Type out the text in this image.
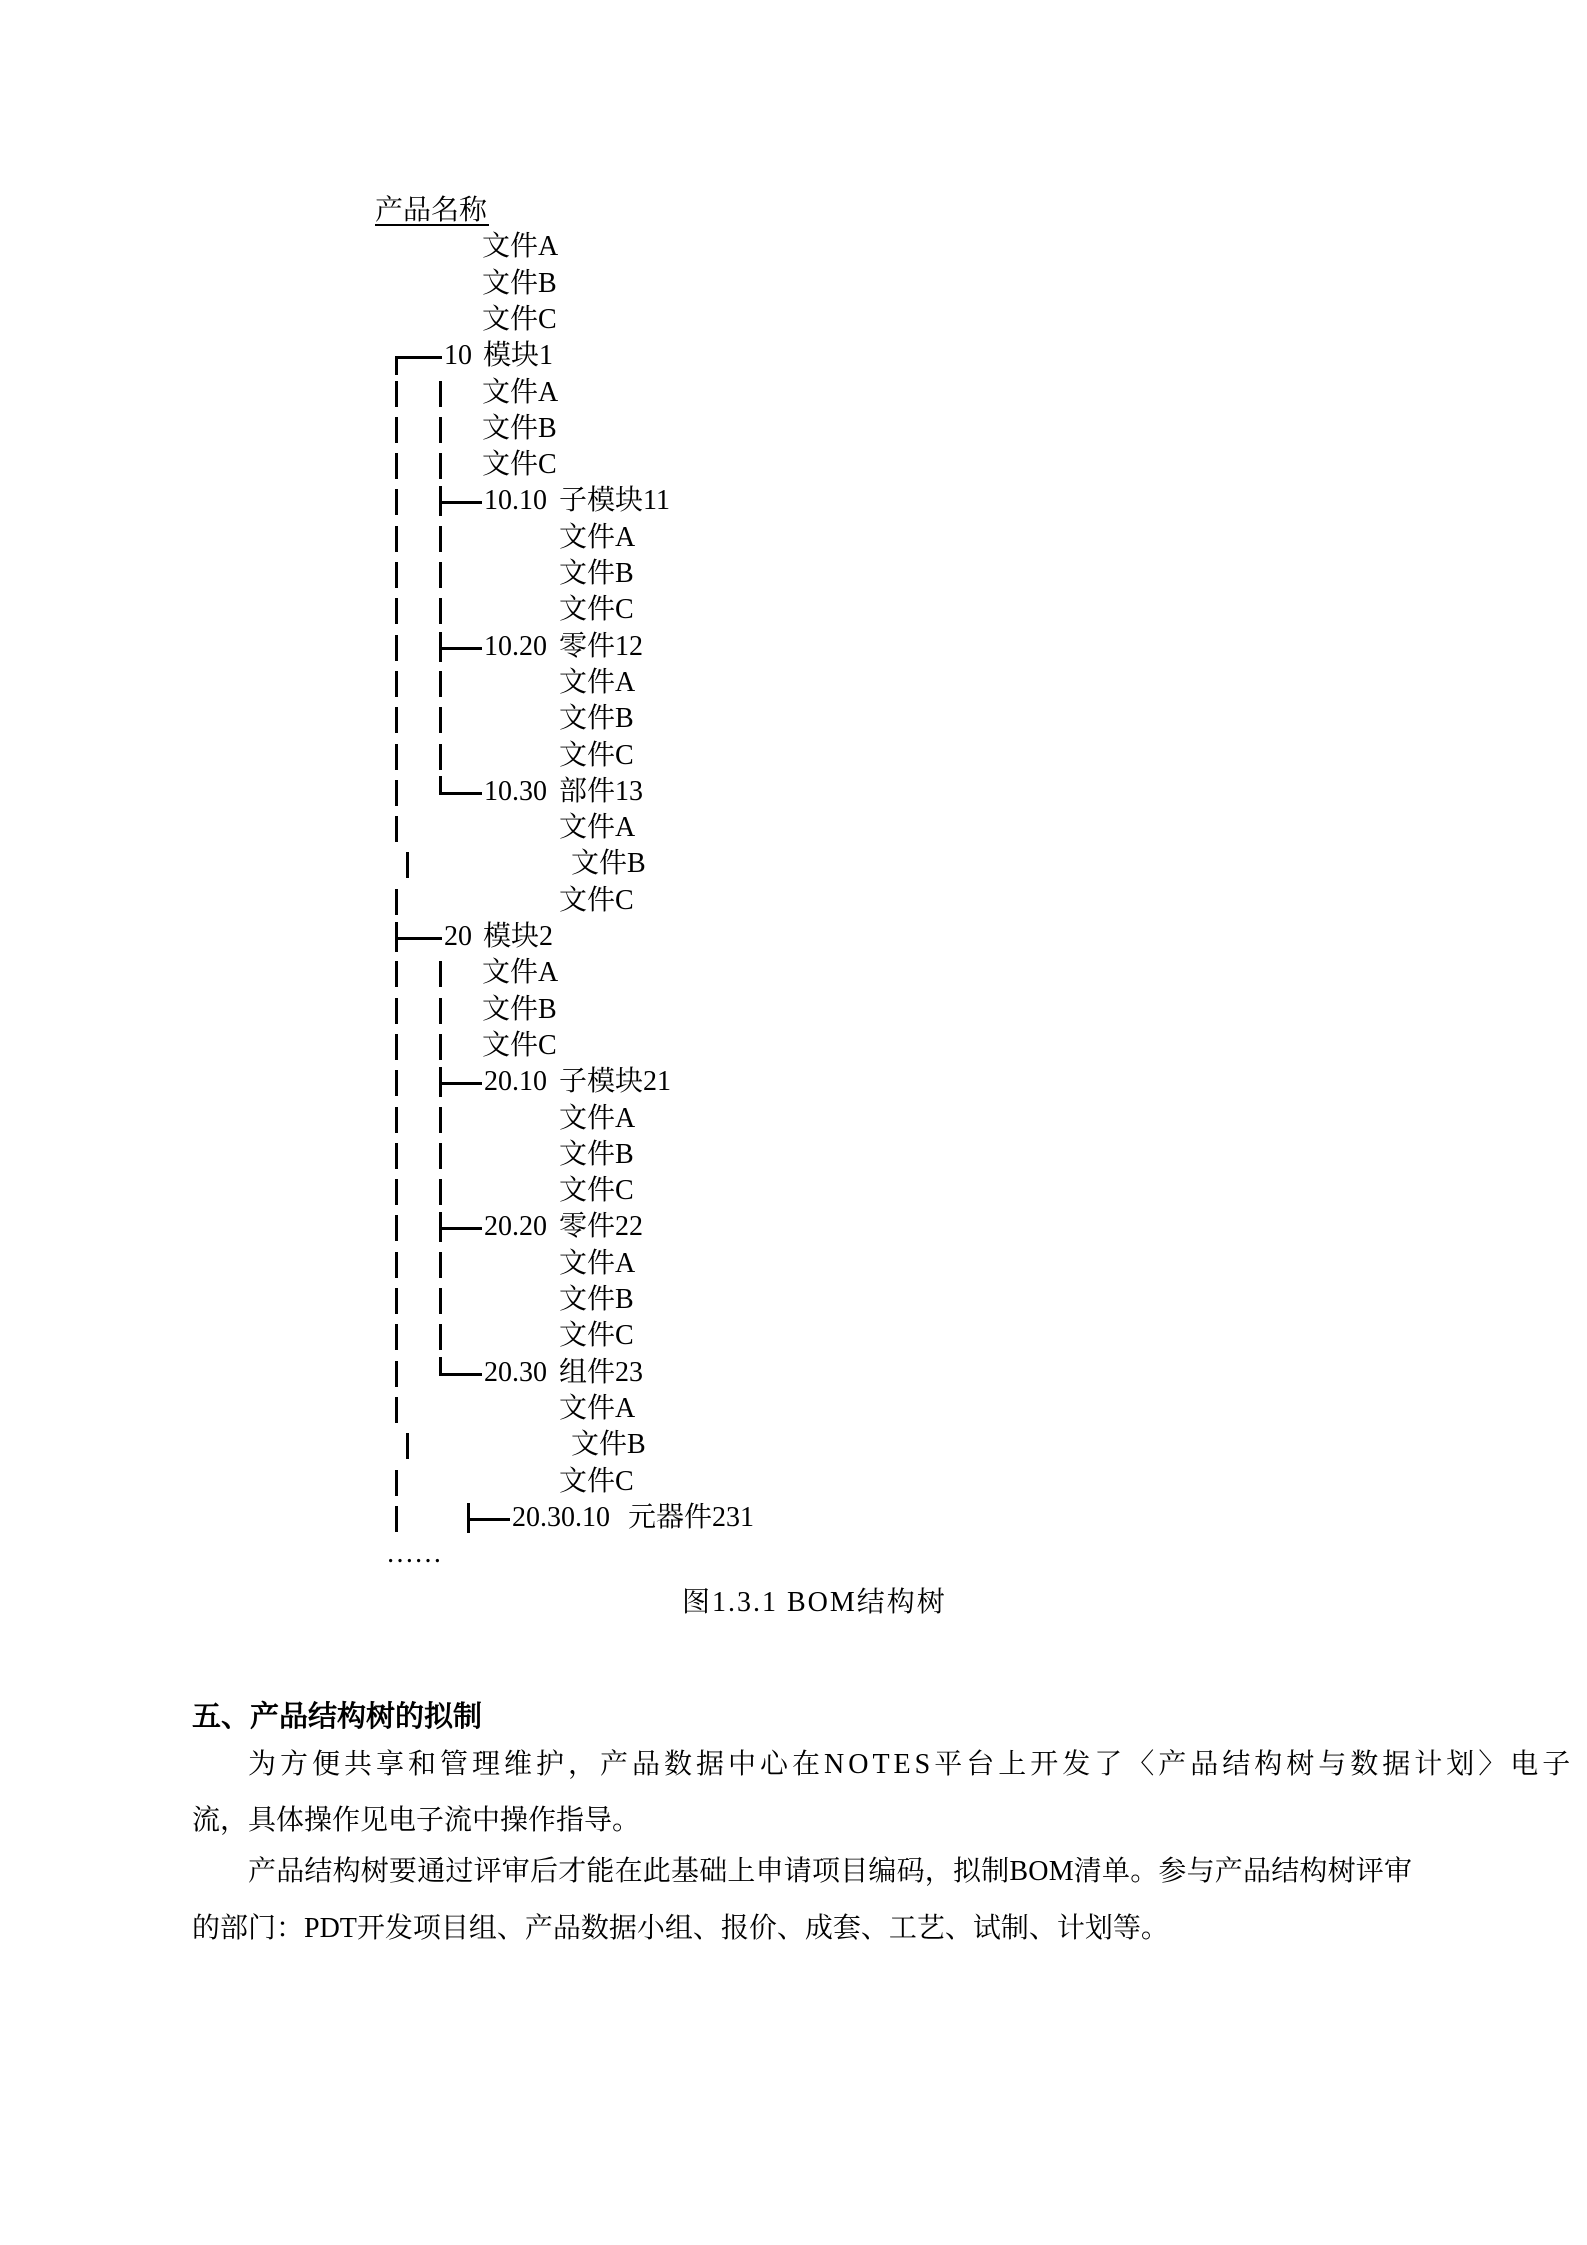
产品名称
文件A
文件B
文件C
10 模块1
文件A
文件B
文件C
10.10 子模块11
文件A
文件B
文件C
10.20 零件12
文件A
文件B
文件C
10.30 部件13
文件A
文件B
文件C
20 模块2
文件A
文件B
文件C
20.10 子模块21
文件A
文件B
文件C
20.20 零件22
文件A
文件B
文件C
20.30 组件23
文件A
文件B
文件C
20.30.10 元器件231
……
图1.3.1 BOM结构树
五、产品结构树的拟制
为方便共享和管理维护，产品数据中心在NOTES平台上开发了〈产品结构树与数据计划〉电子
流，具体操作见电子流中操作指导。
产品结构树要通过评审后才能在此基础上申请项目编码，拟制BOM清单。参与产品结构树评审
的部门：PDT开发项目组、产品数据小组、报价、成套、工艺、试制、计划等。
